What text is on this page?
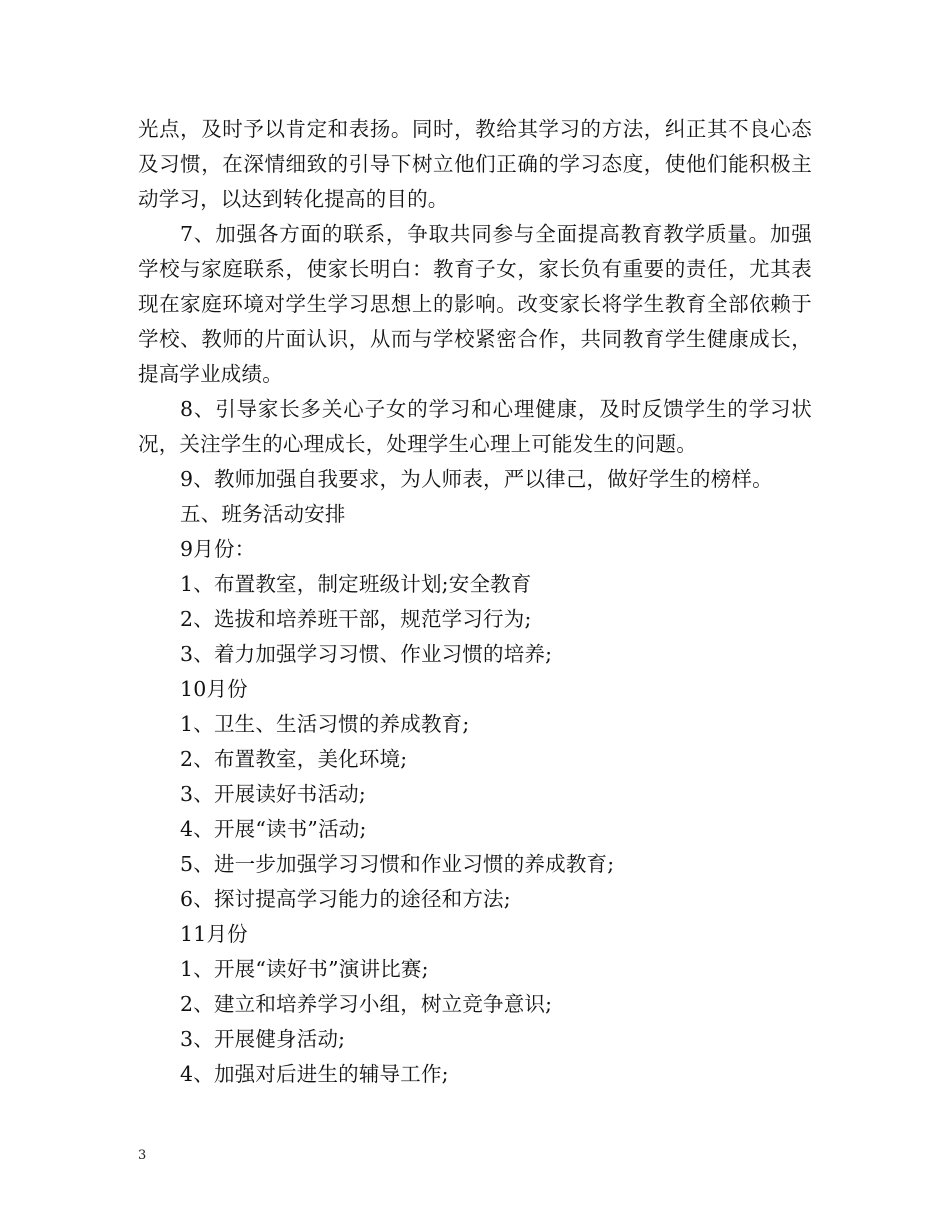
光点，及时予以肯定和表扬。同时，教给其学习的方法，纠正其不良心态及习惯，在深情细致的引导下树立他们正确的学习态度，使他们能积极主动学习，以达到转化提高的目的。

7、加强各方面的联系，争取共同参与全面提高教育教学质量。加强学校与家庭联系，使家长明白：教育子女，家长负有重要的责任，尤其表现在家庭环境对学生学习思想上的影响。改变家长将学生教育全部依赖于学校、教师的片面认识，从而与学校紧密合作，共同教育学生健康成长，提高学业成绩。

8、引导家长多关心子女的学习和心理健康，及时反馈学生的学习状况，关注学生的心理成长，处理学生心理上可能发生的问题。

9、教师加强自我要求，为人师表，严以律己，做好学生的榜样。

五、班务活动安排
9月份：
1、布置教室，制定班级计划;安全教育
2、选拔和培养班干部，规范学习行为;
3、着力加强学习习惯、作业习惯的培养;
10月份
1、卫生、生活习惯的养成教育;
2、布置教室，美化环境;
3、开展读好书活动;
4、开展“读书”活动;
5、进一步加强学习习惯和作业习惯的养成教育;
6、探讨提高学习能力的途径和方法;
11月份
1、开展“读好书”演讲比赛;
2、建立和培养学习小组，树立竞争意识;
3、开展健身活动;
4、加强对后进生的辅导工作;
3
